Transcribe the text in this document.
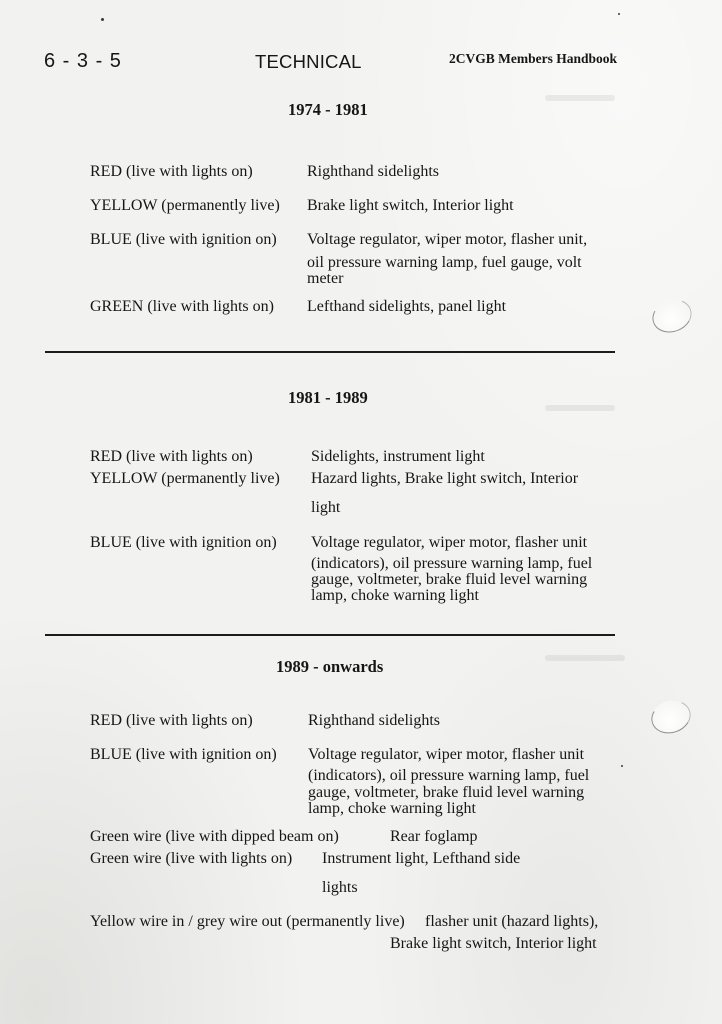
6 - 3 - 5	TECHNICAL	2CVGB Members Handbook
1974 - 1981
RED (live with lights on)	Righthand sidelights
YELLOW (permanently live) Brake light switch, Interior light
BLUE (live with ignition on) Voltage regulator, wiper motor, flasher unit,
oil pressure warning lamp, fuel gauge, volt
meter
GREEN (live with lights on) Lefthand sidelights, panel light
1981 - 1989
RED (live with lights on)	Sidelights, instrument light
YELLOW (permanently live) Hazard lights, Brake light switch, Interior
light
BLUE (live with ignition on) Voltage regulator, wiper motor, flasher unit
(indicators), oil pressure warning lamp, fuel
gauge, voltmeter, brake fluid level warning
lamp, choke warning light
1989 - onwards
RED (live with lights on)	Righthand sidelights
BLUE (live with ignition on) Voltage regulator, wiper motor, flasher unit
(indicators), oil pressure warning lamp, fuel
gauge, voltmeter, brake fluid level warning
lamp, choke warning light
Green wire (live with dipped beam on)	Rear foglamp
Green wire (live with lights on) Instrument light, Lefthand side
lights
Yellow wire in / grey wire out (permanently live) flasher unit (hazard lights),
Brake light switch, Interior light
